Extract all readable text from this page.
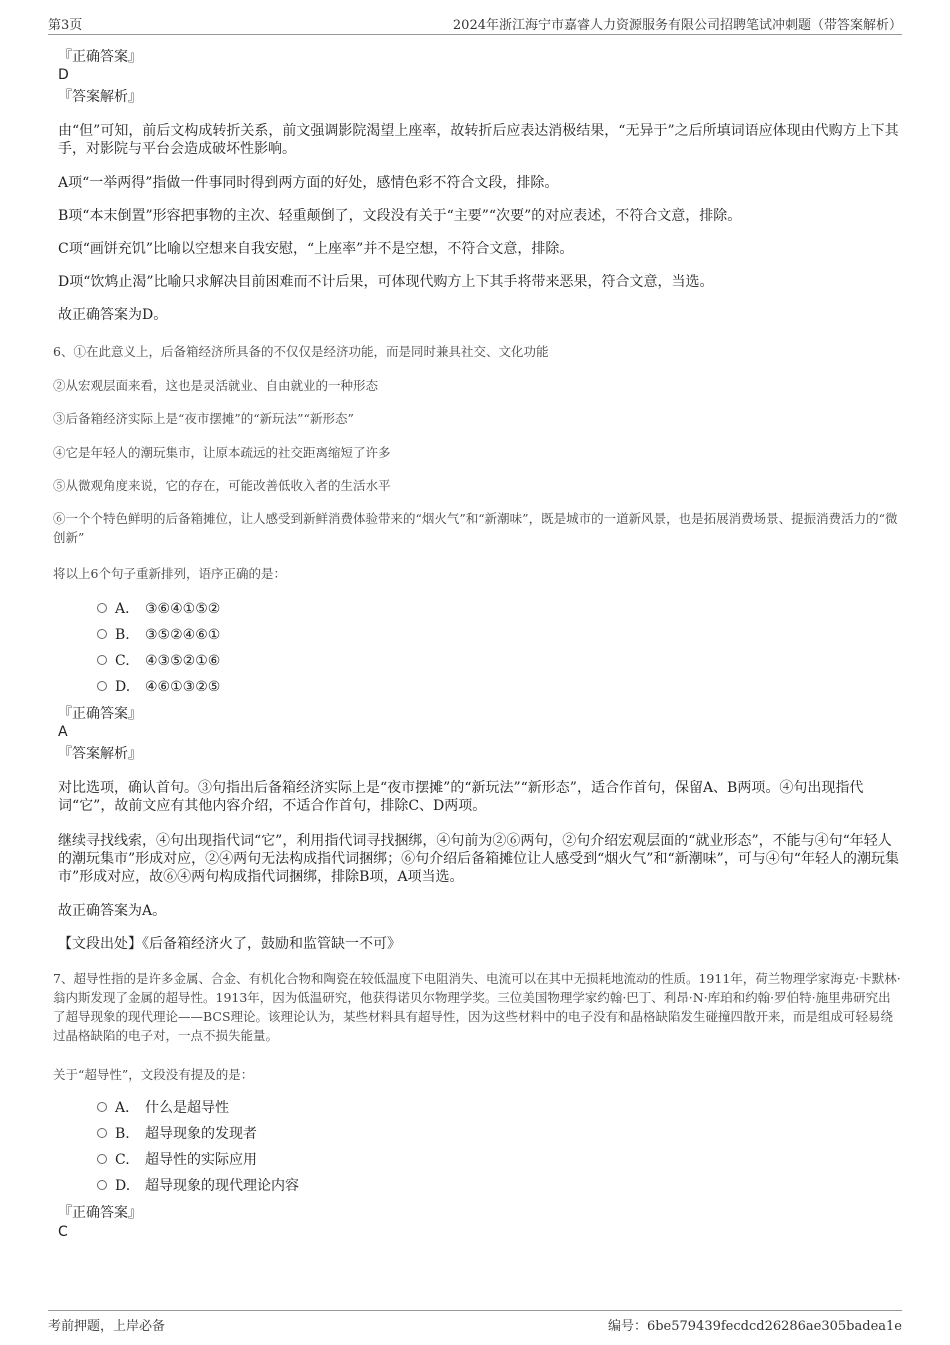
第3页	2024年浙江海宁市嘉睿人力资源服务有限公司招聘笔试冲刺题（带答案解析）
『正确答案』
D
『答案解析』
由“但”可知，前后文构成转折关系，前文强调影院渴望上座率，故转折后应表达消极结果，“无异于”之后所填词语应体现由代购方上下其手，对影院与平台会造成破坏性影响。
A项“一举两得”指做一件事同时得到两方面的好处，感情色彩不符合文段，排除。
B项“本末倒置”形容把事物的主次、轻重颠倒了，文段没有关于“主要”“次要”的对应表述，不符合文意，排除。
C项“画饼充饥”比喻以空想来自我安慰，“上座率”并不是空想，不符合文意，排除。
D项“饮鸩止渴”比喻只求解决目前困难而不计后果，可体现代购方上下其手将带来恶果，符合文意，当选。
故正确答案为D。
6、①在此意义上，后备箱经济所具备的不仅仅是经济功能，而是同时兼具社交、文化功能
②从宏观层面来看，这也是灵活就业、自由就业的一种形态
③后备箱经济实际上是“夜市摆摊”的“新玩法”“新形态”
④它是年轻人的潮玩集市，让原本疏远的社交距离缩短了许多
⑤从微观角度来说，它的存在，可能改善低收入者的生活水平
⑥一个个特色鲜明的后备箱摊位，让人感受到新鲜消费体验带来的“烟火气”和“新潮味”，既是城市的一道新风景，也是拓展消费场景、提振消费活力的“微创新”
将以上6个句子重新排列，语序正确的是：
A． ③⑥④①⑤②
B. ③⑤②④⑥①
C. ④③⑤②①⑥
D. ④⑥①③②⑤
『正确答案』
A
『答案解析』
对比选项，确认首句。③句指出后备箱经济实际上是“夜市摆摊”的“新玩法”“新形态”，适合作首句，保留A、B两项。④句出现指代词“它”，故前文应有其他内容介绍，不适合作首句，排除C、D两项。
继续寻找线索，④句出现指代词“它”，利用指代词寻找捆绑，④句前为②⑥两句，②句介绍宏观层面的“就业形态”，不能与④句“年轻人的潮玩集市”形成对应，②④两句无法构成指代词捆绑；⑥句介绍后备箱摊位让人感受到“烟火气”和“新潮味”，可与④句“年轻人的潮玩集市”形成对应，故⑥④两句构成指代词捆绑，排除B项，A项当选。
故正确答案为A。
【文段出处】《后备箱经济火了，鼓励和监管缺一不可》
7、超导性指的是许多金属、合金、有机化合物和陶瓷在较低温度下电阻消失、电流可以在其中无损耗地流动的性质。1911年，荷兰物理学家海克·卡默林·翁内斯发现了金属的超导性。1913年，因为低温研究，他获得诺贝尔物理学奖。三位美国物理学家约翰·巴丁、利昂·N·库珀和约翰·罗伯特·施里弗研究出了超导现象的现代理论——BCS理论。该理论认为，某些材料具有超导性，因为这些材料中的电子没有和晶格缺陷发生碰撞四散开来，而是组成可轻易绕过晶格缺陷的电子对，一点不损失能量。
关于“超导性”，文段没有提及的是：
A． 什么是超导性
B. 超导现象的发现者
C. 超导性的实际应用
D. 超导现象的现代理论内容
『正确答案』
C
考前押题，上岸必备	编号：6be579439fecdcd26286ae305badea1e
